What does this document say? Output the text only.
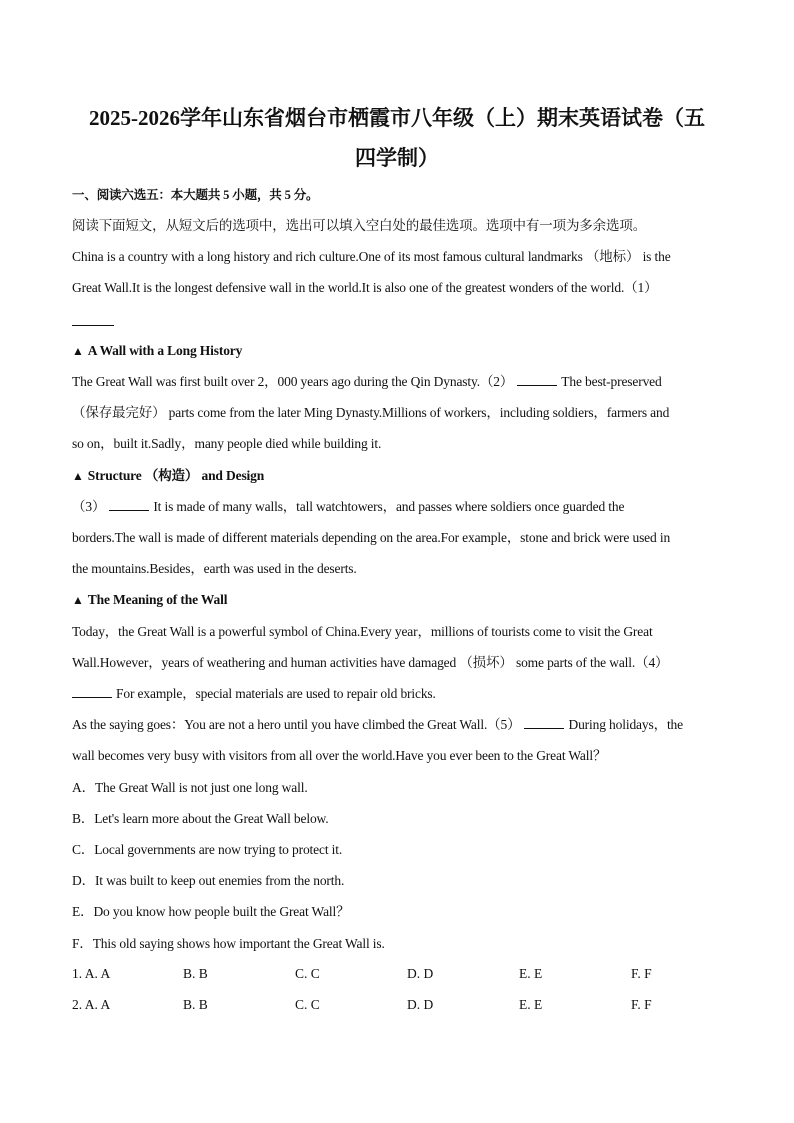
2025-2026学年山东省烟台市栖霞市八年级（上）期末英语试卷（五
四学制）
一、阅读六选五：本大题共 5 小题，共 5 分。
阅读下面短文，从短文后的选项中，选出可以填入空白处的最佳选项。选项中有一项为多余选项。
China is a country with a long history and rich culture.One of its most famous cultural landmarks （地标） is the
Great Wall.It is the longest defensive wall in the world.It is also one of the greatest wonders of the world.（1）
▲ A Wall with a Long History
The Great Wall was first built over 2，000 years ago during the Qin Dynasty.（2）	The best-preserved
（保存最完好） parts come from the later Ming Dynasty.Millions of workers，including soldiers，farmers and
so on，built it.Sadly，many people died while building it.
▲ Structure （构造） and Design
（3）	It is made of many walls，tall watchtowers，and passes where soldiers once guarded the
borders.The wall is made of different materials depending on the area.For example，stone and brick were used in
the mountains.Besides，earth was used in the deserts.
▲ The Meaning of the Wall
Today，the Great Wall is a powerful symbol of China.Every year，millions of tourists come to visit the Great
Wall.However，years of weathering and human activities have damaged （损坏） some parts of the wall.（4）
For example，special materials are used to repair old bricks.
As the saying goes：You are not a hero until you have climbed the Great Wall.（5）	During holidays，the
wall becomes very busy with visitors from all over the world.Have you ever been to the Great Wall？
A．The Great Wall is not just one long wall.
B．Let's learn more about the Great Wall below.
C．Local governments are now trying to protect it.
D．It was built to keep out enemies from the north.
E．Do you know how people built the Great Wall？
F．This old saying shows how important the Great Wall is.
1. A. A	B. B	C. C	D. D	E. E	F. F
2. A. A	B. B	C. C	D. D	E. E	F. F
